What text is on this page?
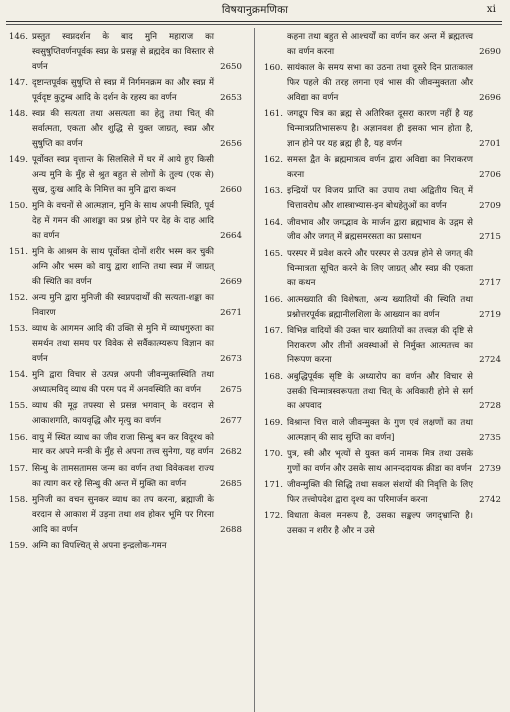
विषयानुक्रमणिका	xi
146. प्रस्तुत स्वप्नदर्शन के बाद मुनि महाराज का स्वसुषुप्तिवर्णनपूर्वक स्वप्न के प्रसङ्ग से ब्रह्मदेव का विस्तार से वर्णन	2650
147. दृष्टान्तपूर्वक सुषुप्ति से स्वप्न में निर्गमनक्रम का और स्वप्न में पूर्वदृष्ट कुटुम्ब आदि के दर्शन के रहस्य का वर्णन	2653
148. स्वप्न की सत्यता तथा असत्यता का हेतु तथा चित् की सर्वात्मता, एकता और शुद्धि से युक्त जाग्रत्, स्वप्न और सुषुप्ति का वर्णन	2656
149. पूर्वोक्त स्वप्न वृत्तान्त के सिलसिले में घर में आये हुए किसी अन्य मुनि के मुँह से श्रुत बहुत से लोगों के तुल्य (एक से) सुख, दुःख आदि के निमित्त का मुनि द्वारा कथन	2660
150. मुनि के वचनों से आत्मज्ञान, मुनि के साथ अपनी स्थिति, पूर्व देह में गमन की आशङ्का का प्रश्न होने पर देह के दाह आदि का वर्णन	2664
151. मुनि के आश्रम के साथ पूर्वोक्त दोनों शरीर भस्म कर चुकी अग्नि और भस्म को वायु द्वारा शान्ति तथा स्वप्न में जाग्रत् की स्थिति का वर्णन	2669
152. अन्य मुनि द्वारा मुनिजी की स्वप्नपदार्थों की सत्यता-शङ्का का निवारण	2671
153. व्याध के आगमन आदि की उक्ति से मुनि में व्याधगुरुता का समर्थन तथा समय पर विवेक से सर्वैकात्म्यरूप विज्ञान का वर्णन	2673
154. मुनि द्वारा विचार से उत्पन्न अपनी जीवन्मुक्तस्थिति तथा अध्यात्मविद् व्याध की परम पद में अनवस्थिति का वर्णन	2675
155. व्याध की मूढ़ तपस्या से प्रसन्न भगवान् के वरदान से आकाशगति, कायवृद्धि और मृत्यु का वर्णन	2677
156. वायु में स्थित व्याध का जीव राजा सिन्धु बन कर विदूरथ को मार कर अपने मन्त्री के मुँह से अपना तत्त्व सुनेगा, यह वर्णन 2682
157. सिन्धु के तामसतामस जन्म का वर्णन तथा विवेकवश राज्य का त्याग कर रहे सिन्धु की अन्त में मुक्ति का वर्णन	2685
158. मुनिजी का वचन सुनकर व्याध का तप करना, ब्रह्माजी के वरदान से आकाश में उड़ना तथा शव होकर भूमि पर गिरना आदि का वर्णन	2688
159. अग्नि का विपश्चित् से अपना इन्द्रलोक-गमन
कहना तथा बहुत से आश्चर्यों का वर्णन कर अन्त में ब्रह्मतत्त्व का वर्णन करना	2690
160. सायंकाल के समय सभा का उठना तथा दूसरे दिन प्रातःकाल फिर पहले की तरह लगना एवं भास की जीवन्मुक्तता और अविद्या का वर्णन	2696
161. जगद्रूप चित्र का ब्रह्म से अतिरिक्त दूसरा कारण नहीं है यह चिन्मात्रप्रतिभासरूप है। अज्ञानवश ही इसका भान होता है, ज्ञान होने पर यह ब्रह्म ही है, यह वर्णन	2701
162. समस्त द्वैत के ब्रह्ममात्रत्व वर्णन द्वारा अविद्या का निराकरण करना	2706
163. इन्द्रियों पर विजय प्राप्ति का उपाय तथा अद्वितीय चित् में चित्तावरोध और शास्त्राभ्यास-इन बोधहेतुओं का वर्णन	2709
164. जीवभाव और जगद्भाव के मार्जन द्वारा ब्रह्मभाव के उद्गम से जीव और जगत् में ब्रह्मसमरसता का प्रसाधन	2715
165. परस्पर में प्रवेश करने और परस्पर से उत्पन्न होने से जगत् की चिन्मात्रता सूचित करने के लिए जाग्रत् और स्वप्न की एकता का कथन	2717
166. आत्मख्याति की विशेषता, अन्य ख्यातियों की स्थिति तथा प्रश्नोत्तरपूर्वक ब्रह्मानीलशिला के आख्यान का वर्णन	2719
167. विभिन्न वादियों की उक्त चार ख्यातियों का तत्त्वज्ञ की दृष्टि से निराकरण और तीनों अवस्थाओं से निर्मुक्त आत्मतत्त्व का निरूपण करना	2724
168. अबुद्धिपूर्वक सृष्टि के अध्यारोप का वर्णन और विचार से उसकी चिन्मात्रस्वरूपता तथा चित् के अविकारी होने से सर्ग का अपवाद	2728
169. विश्रान्त चित्त वाले जीवन्मुक्त के गुण एवं लक्षणों का तथा आत्मज्ञान् की साद सुप्ति का वर्णन]	2735
170. पुत्र, स्त्री और भृत्यों से युक्त कर्म नामक मित्र तथा उसके गुणों का वर्णन और उसके साथ आनन्ददायक क्रीडा का वर्णन 2739
171. जीवन्मुक्ति की सिद्धि तथा सकल संशयों की निवृत्ति के लिए फिर तत्त्वोपदेश द्वारा दृश्य का परिमार्जन करना	2742
172. विधाता केवल मनरूप है, उसका सङ्कल्प जगद्भ्रान्ति है। उसका न शरीर है और न उसे
